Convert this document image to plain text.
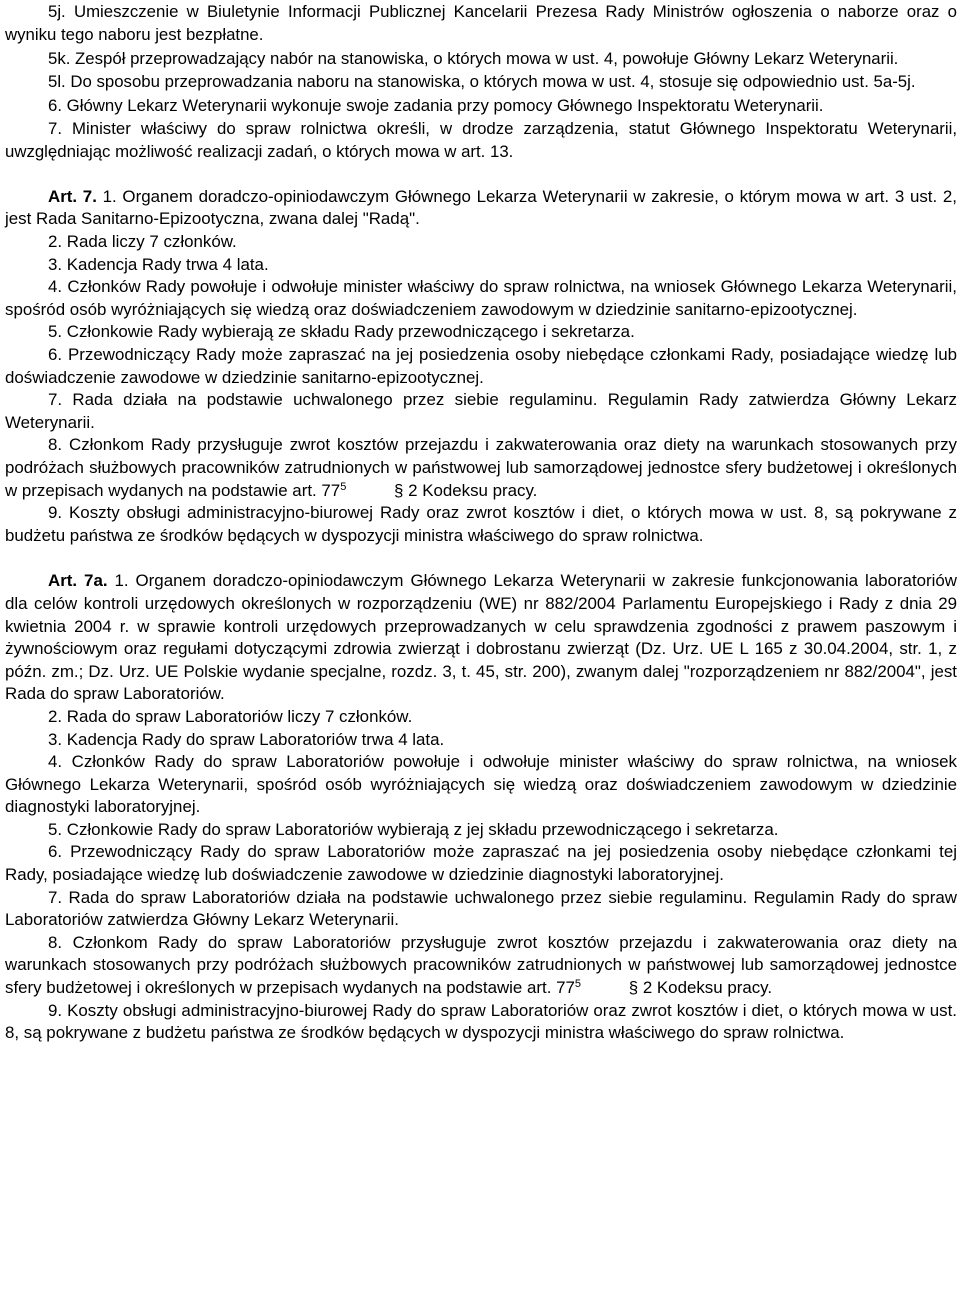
5j. Umieszczenie w Biuletynie Informacji Publicznej Kancelarii Prezesa Rady Ministrów ogłoszenia o naborze oraz o wyniku tego naboru jest bezpłatne.

5k. Zespół przeprowadzający nabór na stanowiska, o których mowa w ust. 4, powołuje Główny Lekarz Weterynarii.

5l. Do sposobu przeprowadzania naboru na stanowiska, o których mowa w ust. 4, stosuje się odpowiednio ust. 5a-5j.

6. Główny Lekarz Weterynarii wykonuje swoje zadania przy pomocy Głównego Inspektoratu Weterynarii.

7. Minister właściwy do spraw rolnictwa określi, w drodze zarządzenia, statut Głównego Inspektoratu Weterynarii, uwzględniając możliwość realizacji zadań, o których mowa w art. 13.

Art. 7. 1. Organem doradczo-opiniodawczym Głównego Lekarza Weterynarii w zakresie, o którym mowa w art. 3 ust. 2, jest Rada Sanitarno-Epizootyczna, zwana dalej "Radą".

2. Rada liczy 7 członków.

3. Kadencja Rady trwa 4 lata.

4. Członków Rady powołuje i odwołuje minister właściwy do spraw rolnictwa, na wniosek Głównego Lekarza Weterynarii, spośród osób wyróżniających się wiedzą oraz doświadczeniem zawodowym w dziedzinie sanitarno-epizootycznej.

5. Członkowie Rady wybierają ze składu Rady przewodniczącego i sekretarza.

6. Przewodniczący Rady może zapraszać na jej posiedzenia osoby niebędące członkami Rady, posiadające wiedzę lub doświadczenie zawodowe w dziedzinie sanitarno-epizootycznej.

7. Rada działa na podstawie uchwalonego przez siebie regulaminu. Regulamin Rady zatwierdza Główny Lekarz Weterynarii.

8. Członkom Rady przysługuje zwrot kosztów przejazdu i zakwaterowania oraz diety na warunkach stosowanych przy podróżach służbowych pracowników zatrudnionych w państwowej lub samorządowej jednostce sfery budżetowej i określonych w przepisach wydanych na podstawie art. $77^5$	§ 2 Kodeksu pracy.

9. Koszty obsługi administracyjno-biurowej Rady oraz zwrot kosztów i diet, o których mowa w ust. 8, są pokrywane z budżetu państwa ze środków będących w dyspozycji ministra właściwego do spraw rolnictwa.

Art. 7a. 1. Organem doradczo-opiniodawczym Głównego Lekarza Weterynarii w zakresie funkcjonowania laboratoriów dla celów kontroli urzędowych określonych w rozporządzeniu (WE) nr 882/2004 Parlamentu Europejskiego i Rady z dnia 29 kwietnia 2004 r. w sprawie kontroli urzędowych przeprowadzanych w celu sprawdzenia zgodności z prawem paszowym i żywnościowym oraz regułami dotyczącymi zdrowia zwierząt i dobrostanu zwierząt (Dz. Urz. UE L 165 z 30.04.2004, str. 1, z późn. zm.; Dz. Urz. UE Polskie wydanie specjalne, rozdz. 3, t. 45, str. 200), zwanym dalej "rozporządzeniem nr 882/2004", jest Rada do spraw Laboratoriów.

2. Rada do spraw Laboratoriów liczy 7 członków.

3. Kadencja Rady do spraw Laboratoriów trwa 4 lata.

4. Członków Rady do spraw Laboratoriów powołuje i odwołuje minister właściwy do spraw rolnictwa, na wniosek Głównego Lekarza Weterynarii, spośród osób wyróżniających się wiedzą oraz doświadczeniem zawodowym w dziedzinie diagnostyki laboratoryjnej.

5. Członkowie Rady do spraw Laboratoriów wybierają z jej składu przewodniczącego i sekretarza.

6. Przewodniczący Rady do spraw Laboratoriów może zapraszać na jej posiedzenia osoby niebędące członkami tej Rady, posiadające wiedzę lub doświadczenie zawodowe w dziedzinie diagnostyki laboratoryjnej.

7. Rada do spraw Laboratoriów działa na podstawie uchwalonego przez siebie regulaminu. Regulamin Rady do spraw Laboratoriów zatwierdza Główny Lekarz Weterynarii.

8. Członkom Rady do spraw Laboratoriów przysługuje zwrot kosztów przejazdu i zakwaterowania oraz diety na warunkach stosowanych przy podróżach służbowych pracowników zatrudnionych w państwowej lub samorządowej jednostce sfery budżetowej i określonych w przepisach wydanych na podstawie art. $77^5$	§ 2 Kodeksu pracy.

9. Koszty obsługi administracyjno-biurowej Rady do spraw Laboratoriów oraz zwrot kosztów i diet, o których mowa w ust. 8, są pokrywane z budżetu państwa ze środków będących w dyspozycji ministra właściwego do spraw rolnictwa.
